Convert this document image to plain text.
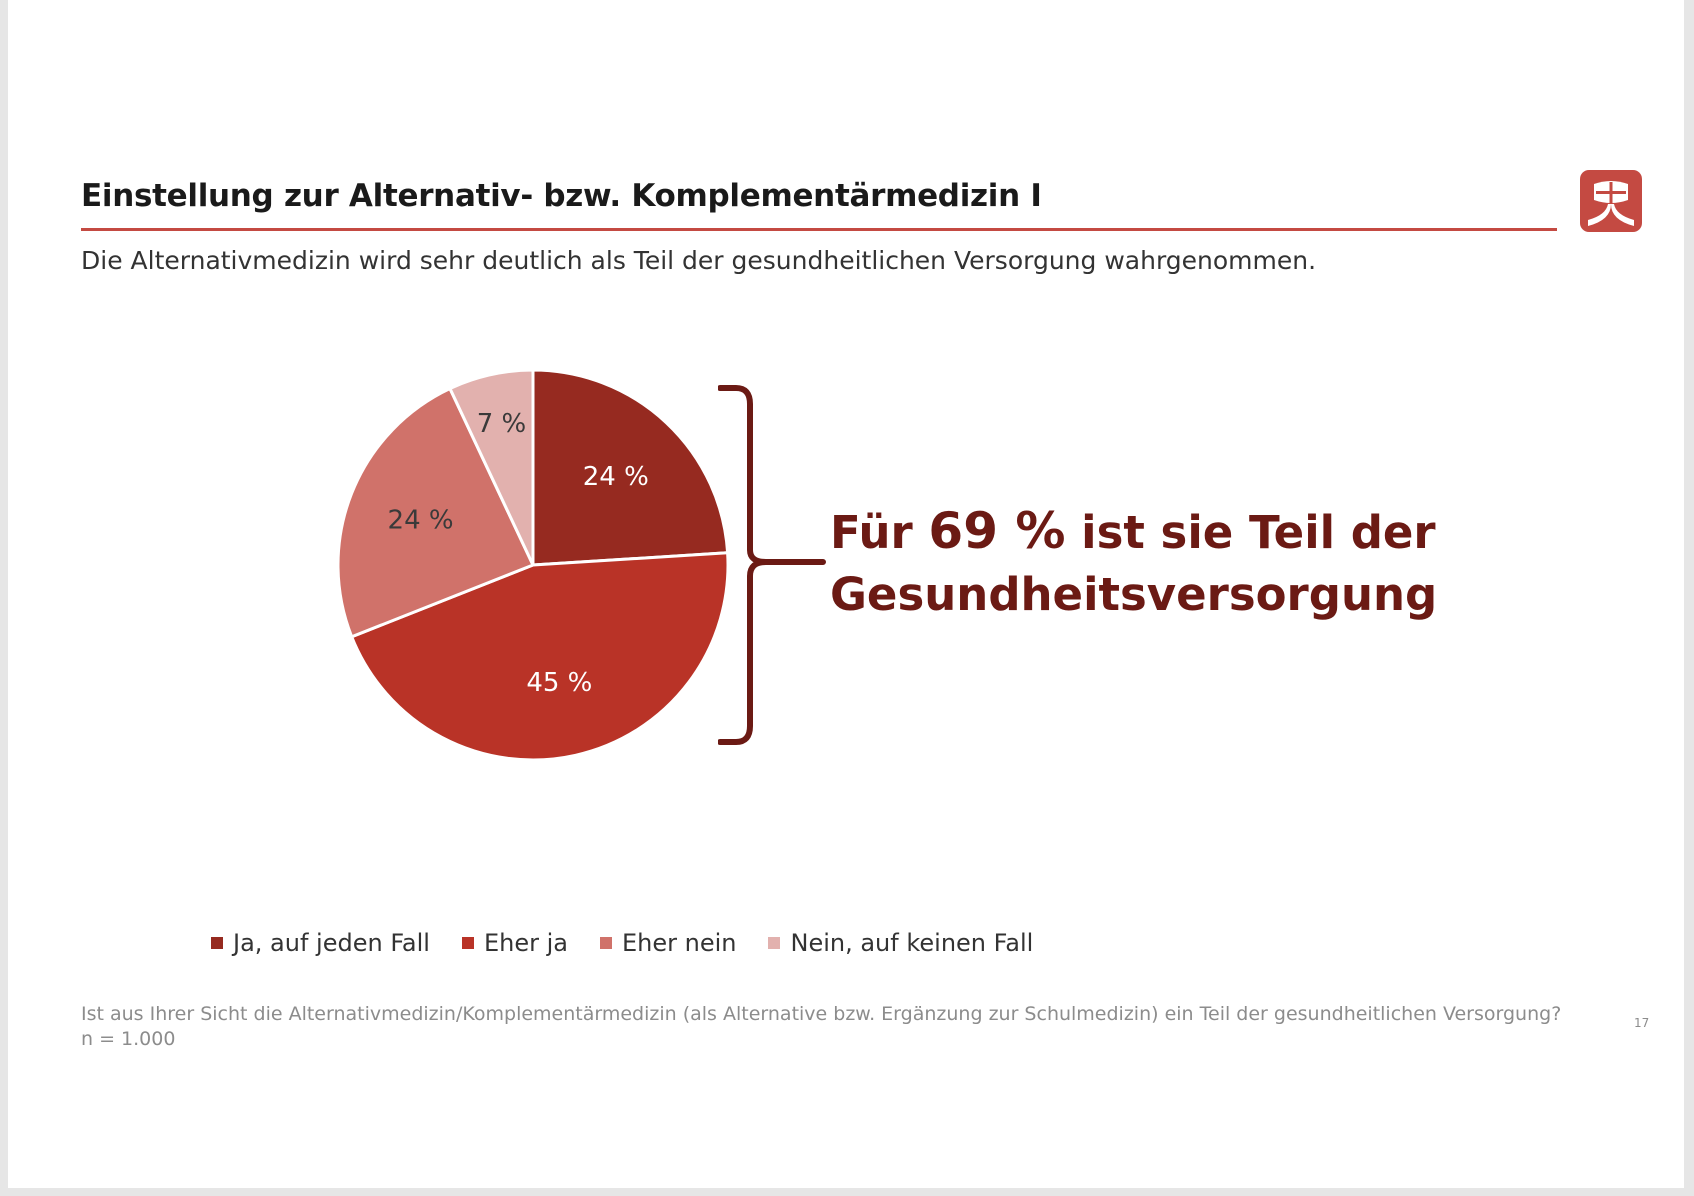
Einstellung zur Alternativ- bzw. Komplementärmedizin I
Die Alternativmedizin wird sehr deutlich als Teil der gesundheitlichen Versorgung wahrgenommen.
24 %
45 %
24 %
7 %
Für 69 % ist sie Teil der
Gesundheitsversorgung
Ja, auf jeden Fall Eher ja Eher nein Nein, auf keinen Fall
Ist aus Ihrer Sicht die Alternativmedizin/Komplementärmedizin (als Alternative bzw. Ergänzung zur Schulmedizin) ein Teil der gesundheitlichen Versorgung?
n = 1.000
17
